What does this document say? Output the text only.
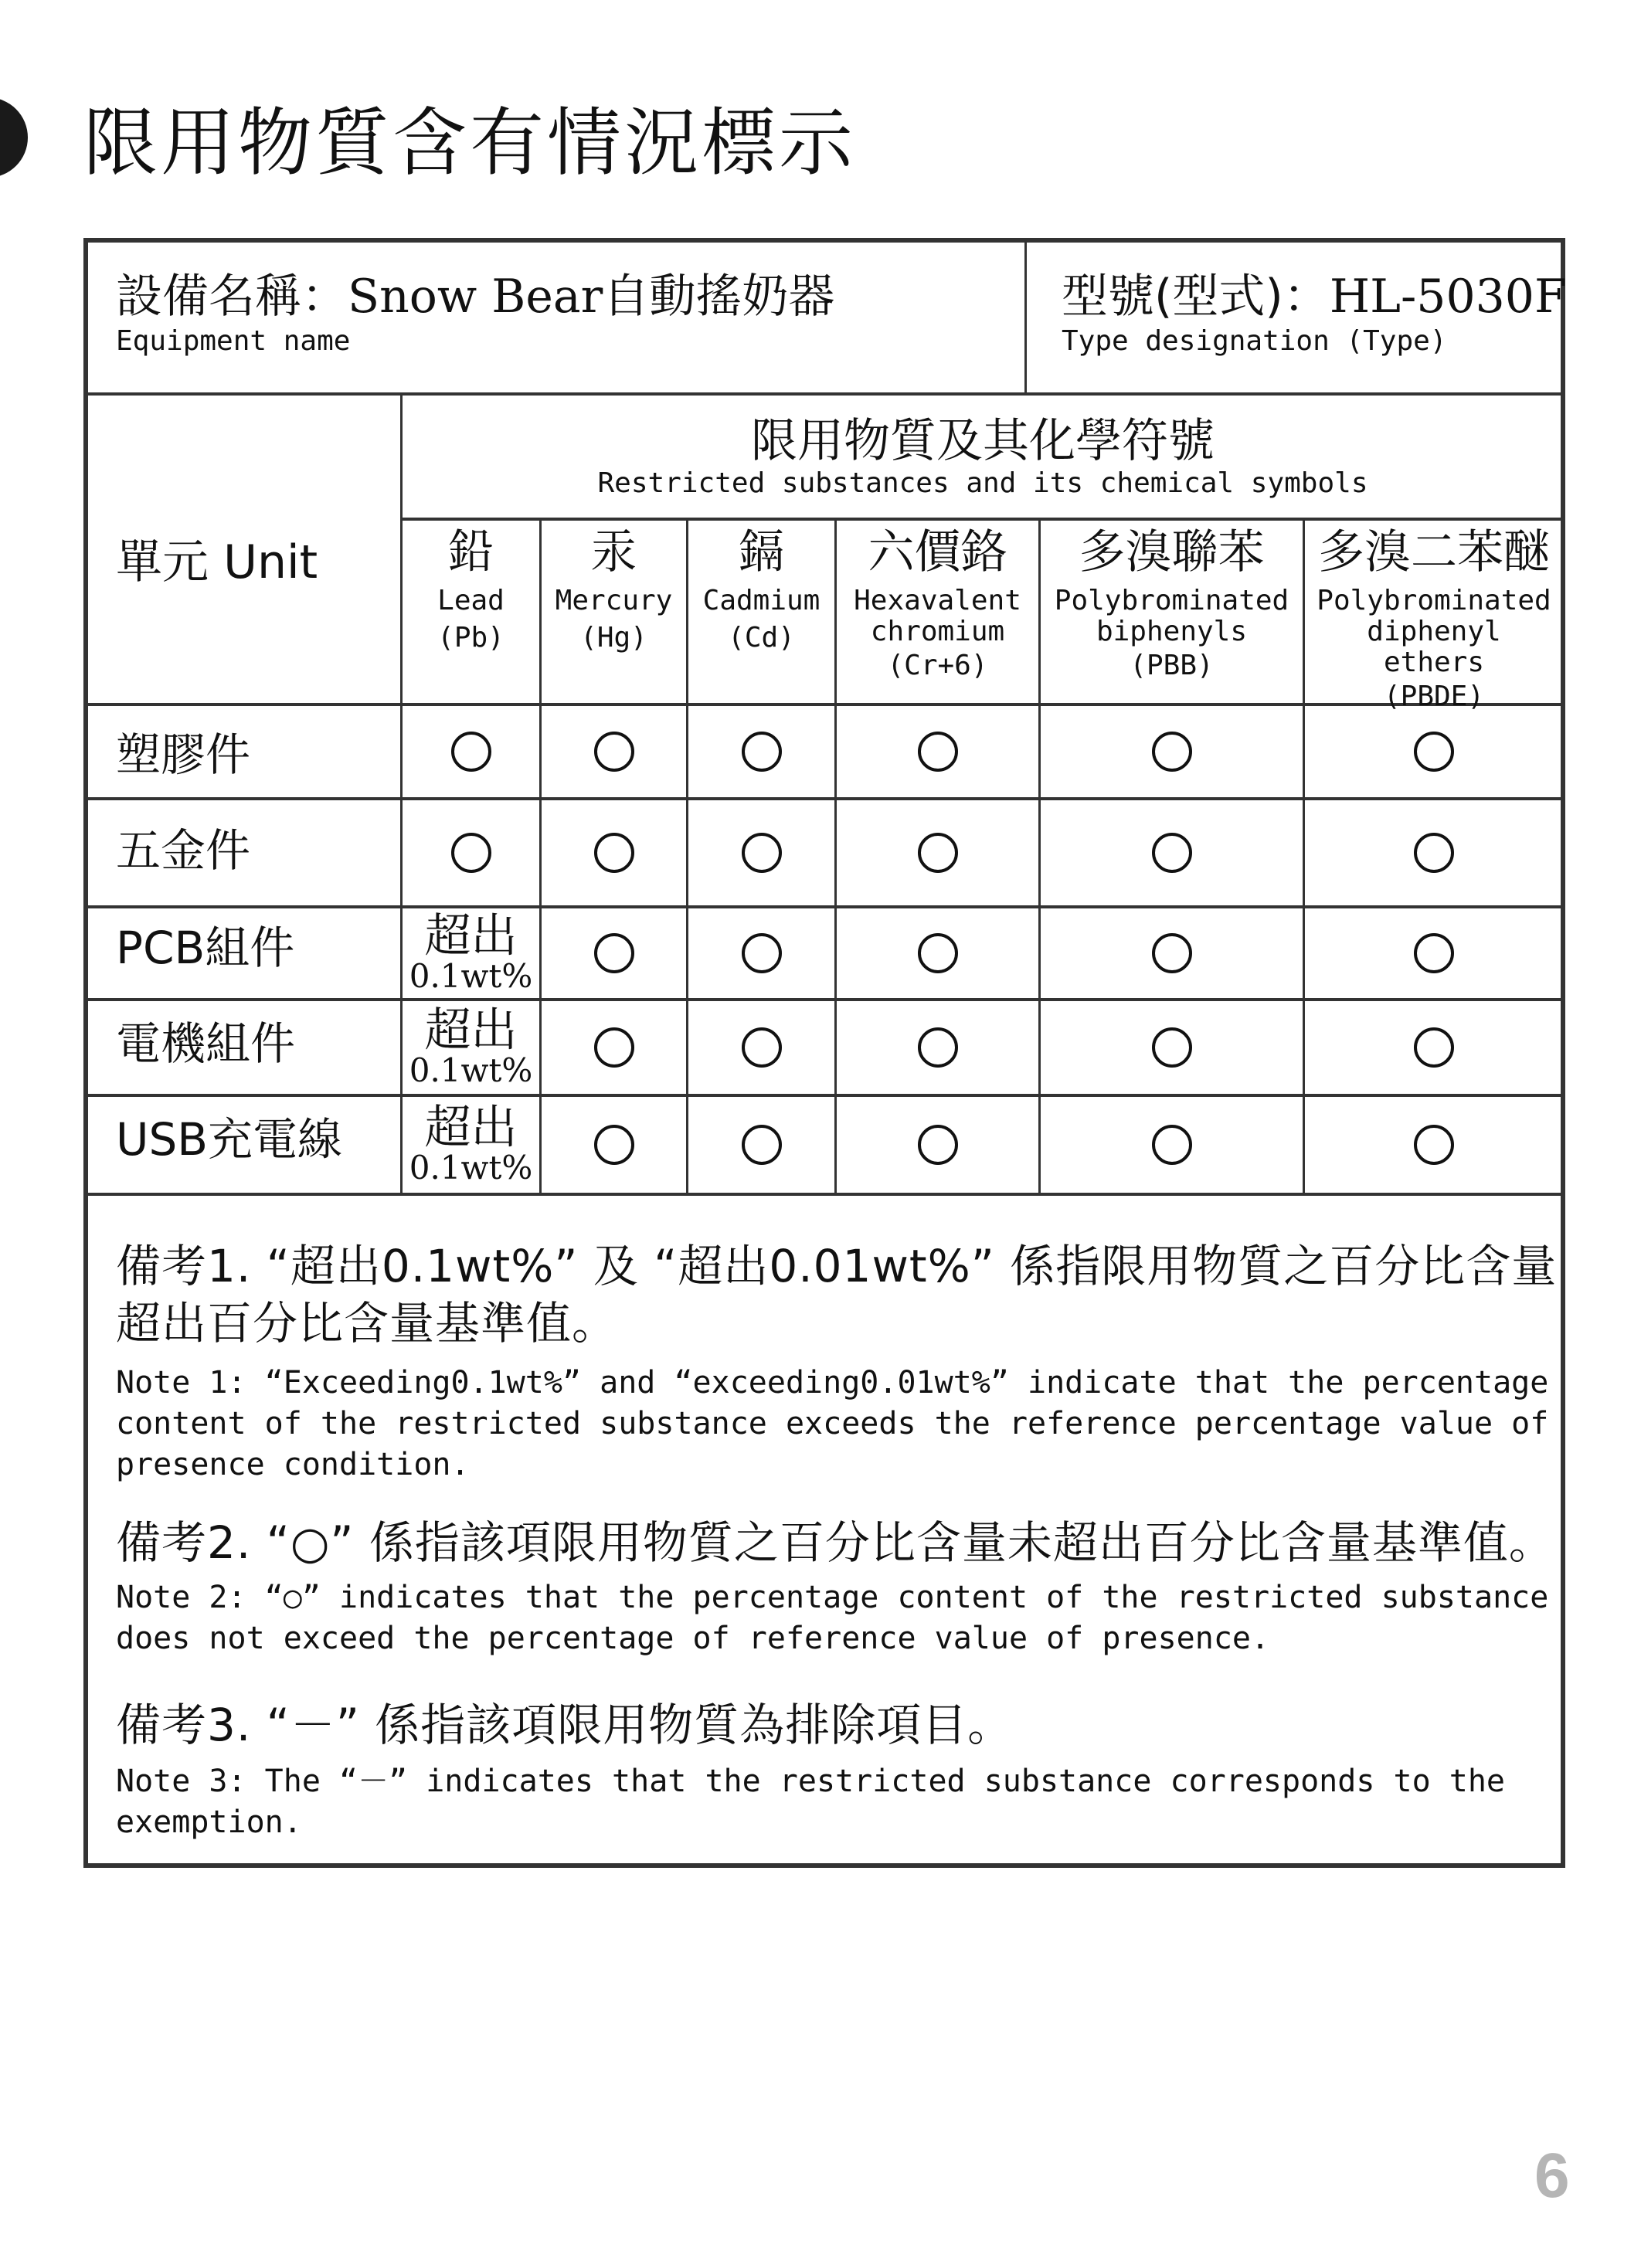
限用物質含有情況標示
設備名稱：Snow Bear自動搖奶器
Equipment name
型號(型式)：HL-5030F
Type designation (Type)
單元 Unit
限用物質及其化學符號
Restricted substances and its chemical symbols
鉛
Lead
(Pb)
汞
Mercury
(Hg)
鎘
Cadmium
(Cd)
六價鉻
Hexavalent chromium
(Cr+6)
多溴聯苯
Polybrominated biphenyls
(PBB)
多溴二苯醚
Polybrominated diphenyl ethers
(PBDE)
塑膠件
五金件
PCB組件
電機組件
USB充電線
超出
0.1wt%
超出
0.1wt%
超出
0.1wt%
備考1. “超出0.1wt%” 及 “超出0.01wt%” 係指限用物質之百分比含量超出百分比含量基準值。
Note 1: “Exceeding0.1wt%” and “exceeding0.01wt%” indicate that the percentage content of the restricted substance exceeds the reference percentage value of presence condition.
備考2. “○” 係指該項限用物質之百分比含量未超出百分比含量基準值。
Note 2: “○” indicates that the percentage content of the restricted substance does not exceed the percentage of reference value of presence.
備考3. “－” 係指該項限用物質為排除項目。
Note 3: The “－” indicates that the restricted substance corresponds to the exemption.
6
